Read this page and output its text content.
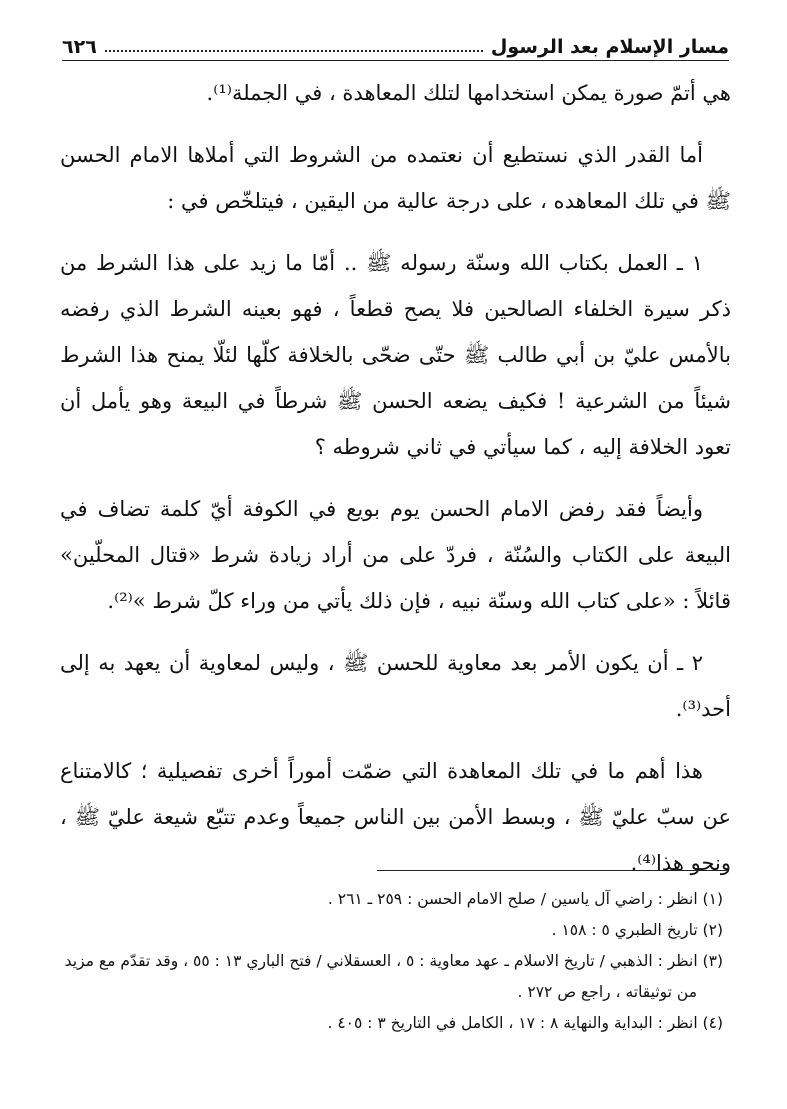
مسار الإسلام بعد الرسول
٦٢٦

هي أتمّ صورة يمكن استخدامها لتلك المعاهدة ، في الجملة⁽¹⁾.

أما القدر الذي نستطيع أن نعتمده من الشروط التي أملاها الامام الحسن ﷺ في تلك المعاهده ، على درجة عالية من اليقين ، فيتلخّص في :

١ ـ العمل بكتاب الله وسنّة رسوله ﷺ .. أمّا ما زيد على هذا الشرط من ذكر سيرة الخلفاء الصالحين فلا يصح قطعاً ، فهو بعينه الشرط الذي رفضه بالأمس عليّ بن أبي طالب ﷺ حتّى ضحّى بالخلافة كلّها لئلّا يمنح هذا الشرط شيئاً من الشرعية ! فكيف يضعه الحسن ﷺ شرطاً في البيعة وهو يأمل أن تعود الخلافة إليه ، كما سيأتي في ثاني شروطه ؟

وأيضاً فقد رفض الامام الحسن يوم بويع في الكوفة أيّ كلمة تضاف في البيعة على الكتاب والسُنّة ، فردّ على من أراد زيادة شرط «قتال المحلّين» قائلاً : «على كتاب الله وسنّة نبيه ، فإن ذلك يأتي من وراء كلّ شرط »⁽²⁾.

٢ ـ أن يكون الأمر بعد معاوية للحسن ﷺ ، وليس لمعاوية أن يعهد به إلى أحد⁽³⁾.

هذا أهم ما في تلك المعاهدة التي ضمّت أموراً أخرى تفصيلية ؛ كالامتناع عن سبّ عليّ ﷺ ، وبسط الأمن بين الناس جميعاً وعدم تتبّع شيعة عليّ ﷺ ، ونحو هذا⁽⁴⁾.

(١) انظر : راضي آل ياسين / صلح الامام الحسن : ٢٥٩ ـ ٢٦١ .

(٢) تاريخ الطبري ٥ : ١٥٨ .

(٣) انظر : الذهبي / تاريخ الاسلام ـ عهد معاوية : ٥ ، العسقلاني / فتح الباري ١٣ : ٥٥ ، وقد تقدّم مع مزيد من توثيقاته ، راجع ص ٢٧٢ .

(٤) انظر : البداية والنهاية ٨ : ١٧ ، الكامل في التاريخ ٣ : ٤٠٥ .
